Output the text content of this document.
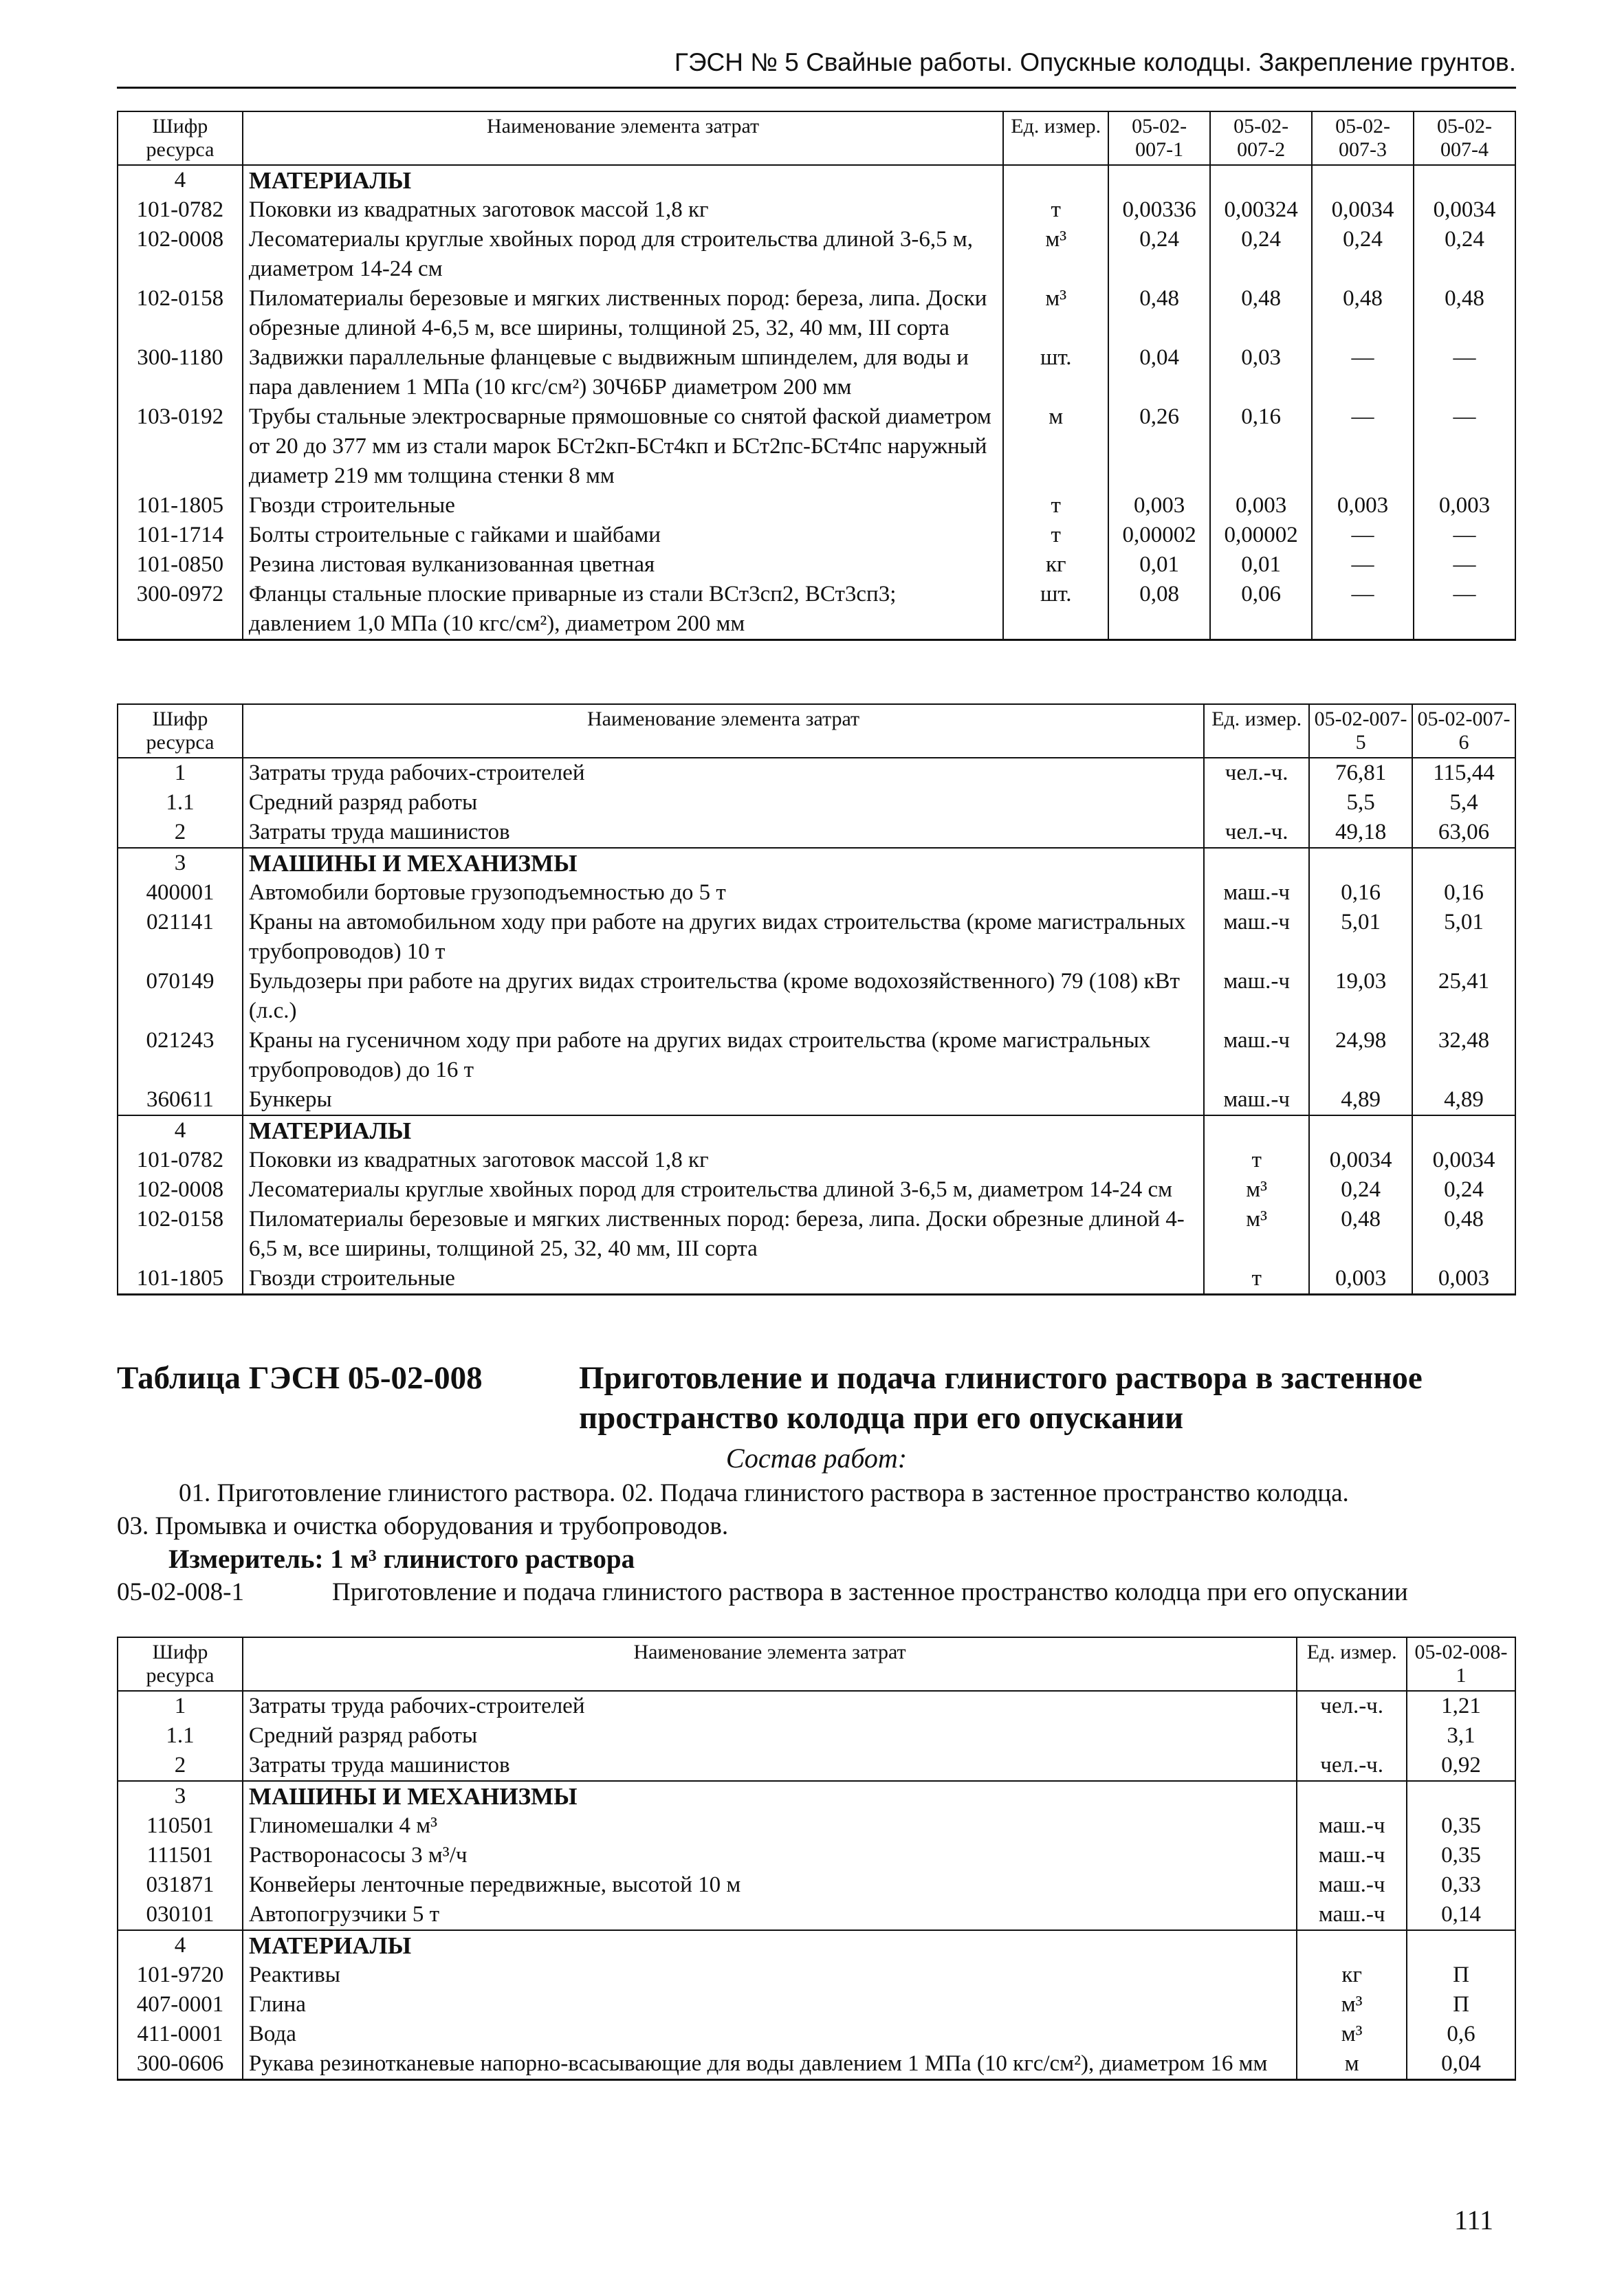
ГЭСН № 5 Свайные работы. Опускные колодцы. Закрепление грунтов.
Шифр ресурса	Наименование элемента затрат	Ед. измер.	05-02-007-1	05-02-007-2	05-02-007-3	05-02-007-4
4	МАТЕРИАЛЫ					
101-0782	Поковки из квадратных заготовок массой 1,8 кг	т	0,00336	0,00324	0,0034	0,0034
102-0008	Лесоматериалы круглые хвойных пород для строительства длиной 3-6,5 м, диаметром 14-24 см	м³	0,24	0,24	0,24	0,24
102-0158	Пиломатериалы березовые и мягких лиственных пород: береза, липа. Доски обрезные длиной 4-6,5 м, все ширины, толщиной 25, 32, 40 мм, III сорта	м³	0,48	0,48	0,48	0,48
300-1180	Задвижки параллельные фланцевые с выдвижным шпинделем, для воды и пара давлением 1 МПа (10 кгс/см²) 30Ч6БР диаметром 200 мм	шт.	0,04	0,03	—	—
103-0192	Трубы стальные электросварные прямошовные со снятой фаской диаметром от 20 до 377 мм из стали марок БСт2кп-БСт4кп и БСт2пс-БСт4пс наружный диаметр 219 мм толщина стенки 8 мм	м	0,26	0,16	—	—
101-1805	Гвозди строительные	т	0,003	0,003	0,003	0,003
101-1714	Болты строительные с гайками и шайбами	т	0,00002	0,00002	—	—
101-0850	Резина листовая вулканизованная цветная	кг	0,01	0,01	—	—
300-0972	Фланцы стальные плоские приварные из стали ВСт3сп2, ВСт3сп3; давлением 1,0 МПа (10 кгс/см²), диаметром 200 мм	шт.	0,08	0,06	—	—
Шифр ресурса	Наименование элемента затрат	Ед. измер.	05-02-007-5	05-02-007-6
1	Затраты труда рабочих-строителей	чел.-ч.	76,81	115,44
1.1	Средний разряд работы		5,5	5,4
2	Затраты труда машинистов	чел.-ч.	49,18	63,06
3	МАШИНЫ И МЕХАНИЗМЫ			
400001	Автомобили бортовые грузоподъемностью до 5 т	маш.-ч	0,16	0,16
021141	Краны на автомобильном ходу при работе на других видах строительства (кроме магистральных трубопроводов) 10 т	маш.-ч	5,01	5,01
070149	Бульдозеры при работе на других видах строительства (кроме водохозяйственного) 79 (108) кВт (л.с.)	маш.-ч	19,03	25,41
021243	Краны на гусеничном ходу при работе на других видах строительства (кроме магистральных трубопроводов) до 16 т	маш.-ч	24,98	32,48
360611	Бункеры	маш.-ч	4,89	4,89
4	МАТЕРИАЛЫ			
101-0782	Поковки из квадратных заготовок массой 1,8 кг	т	0,0034	0,0034
102-0008	Лесоматериалы круглые хвойных пород для строительства длиной 3-6,5 м, диаметром 14-24 см	м³	0,24	0,24
102-0158	Пиломатериалы березовые и мягких лиственных пород: береза, липа. Доски обрезные длиной 4-6,5 м, все ширины, толщиной 25, 32, 40 мм, III сорта	м³	0,48	0,48
101-1805	Гвозди строительные	т	0,003	0,003
Таблица ГЭСН 05-02-008	Приготовление и подача глинистого раствора в застенное пространство колодца при его опускании
Состав работ:
01. Приготовление глинистого раствора. 02. Подача глинистого раствора в застенное пространство колодца.
03. Промывка и очистка оборудования и трубопроводов.
Измеритель: 1 м³ глинистого раствора
05-02-008-1	Приготовление и подача глинистого раствора в застенное пространство колодца при его опускании
Шифр ресурса	Наименование элемента затрат	Ед. измер.	05-02-008-1
1	Затраты труда рабочих-строителей	чел.-ч.	1,21
1.1	Средний разряд работы		3,1
2	Затраты труда машинистов	чел.-ч.	0,92
3	МАШИНЫ И МЕХАНИЗМЫ		
110501	Глиномешалки 4 м³	маш.-ч	0,35
111501	Растворонасосы 3 м³/ч	маш.-ч	0,35
031871	Конвейеры ленточные передвижные, высотой 10 м	маш.-ч	0,33
030101	Автопогрузчики 5 т	маш.-ч	0,14
4	МАТЕРИАЛЫ		
101-9720	Реактивы	кг	П
407-0001	Глина	м³	П
411-0001	Вода	м³	0,6
300-0606	Рукава резинотканевые напорно-всасывающие для воды давлением 1 МПа (10 кгс/см²), диаметром 16 мм	м	0,04
111
